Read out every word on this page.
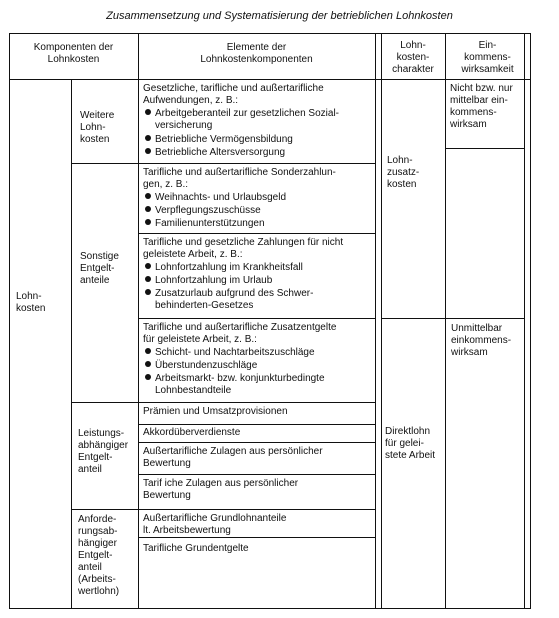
Zusammensetzung und Systematisierung der betrieblichen Lohnkosten
Komponenten der
Lohnkosten
Elemente der
Lohnkostenkomponenten
Lohn-
kosten-
charakter
Ein-
kommens-
wirksamkeit
Lohn-
kosten
Weitere
Lohn-
kosten
Sonstige
Entgelt-
anteile
Leistungs-
abhängiger
Entgelt-
anteil
Anforde-
rungsab-
hängiger
Entgelt-
anteil
(Arbeits-
wertlohn)
Gesetzliche, tarifliche und außertarifliche
Aufwendungen, z. B.:
Arbeitgeberanteil zur gesetzlichen Sozial-
versicherung
Betriebliche Vermögensbildung
Betriebliche Altersversorgung
Tarifliche und außertarifliche Sonderzahlun-
gen, z. B.:
Weihnachts- und Urlaubsgeld
Verpflegungszuschüsse
Familienunterstützungen
Tarifliche und gesetzliche Zahlungen für nicht
geleistete Arbeit, z. B.:
Lohnfortzahlung im Krankheitsfall
Lohnfortzahlung im Urlaub
Zusatzurlaub aufgrund des Schwer-
behinderten-Gesetzes
Tarifliche und außertarifliche Zusatzentgelte
für geleistete Arbeit, z. B.:
Schicht- und Nachtarbeitszuschläge
Überstundenzuschläge
Arbeitsmarkt- bzw. konjunkturbedingte
Lohnbestandteile
Prämien und Umsatzprovisionen
Akkordüberverdienste
Außertarifliche Zulagen aus persönlicher
Bewertung
Tarif iche Zulagen aus persönlicher
Bewertung
Außertarifliche Grundlohnanteile
lt. Arbeitsbewertung
Tarifliche Grundentgelte
Lohn-
zusatz-
kosten
Direktlohn
für gelei-
stete Arbeit
Nicht bzw. nur
mittelbar ein-
kommens-
wirksam
Unmittelbar
einkommens-
wirksam
